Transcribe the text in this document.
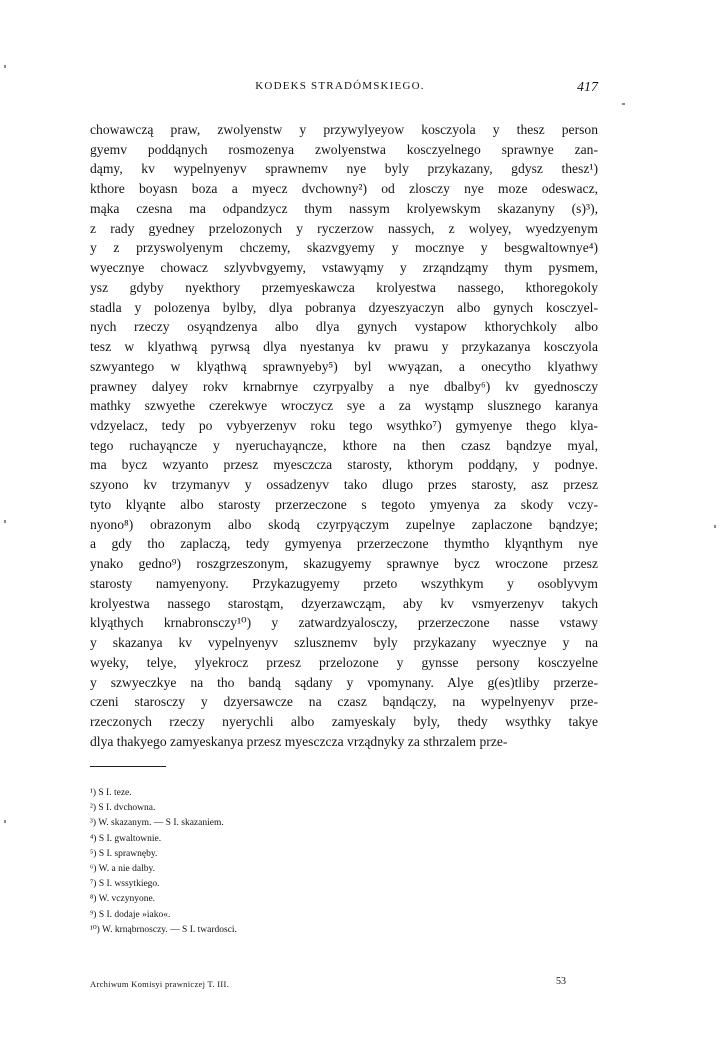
KODEKS STRADÓMSKIEGO.	417
chowawczą praw, zwolyenstw y przywylyeyow kosczyola y thesz person
gyemv poddąnych rosmozenya zwolyenstwa kosczyelnego sprawnye zan-
dąmy, kv wypelnyenyv sprawnemv nye byly przykazany, gdysz thesz¹)
kthore boyasn boza a myecz dvchowny²) od zlosczy nye moze odeswacz,
mąka czesna ma odpandzycz thym nassym krolyewskym skazanyny (s)³),
z rady gyedney przelozonych y ryczerzow nassych, z wolyey, wyedzyenym
y z przyswolyenym chczemy, skazvgyemy y mocznye y besgwaltownye⁴)
wyecznye chowacz szlyvbvgyemy, vstawyąmy y zrząndząmy thym pysmem,
ysz gdyby nyekthory przemyeskawcza krolyestwa nassego, kthoregokoly
stadla y polozenya bylby, dlya pobranya dzyeszyaczyn albo gynych kosczyel-
nych rzeczy osyąndzenya albo dlya gynych vystapow kthorychkoly albo
tesz w klyathwą pyrwsą dlya nyestanya kv prawu y przykazanya kosczyola
szwyantego w klyąthwą sprawnyeby⁵) byl wwyązan, a onecytho klyathwy
prawney dalyey rokv krnabrnye czyrpyalby a nye dbalby⁶) kv gyednosczy
mathky szwyethe czerekwye wroczycz sye a za wystąmp slusznego karanya
vdzyelacz, tedy po vybyerzenyv roku tego wsythko⁷) gymyenye thego klya-
tego ruchayąncze y nyeruchayąncze, kthore na then czasz bąndzye myal,
ma bycz wzyanto przesz myesczcza starosty, kthorym poddąny, y podnye.
szyono kv trzymanyv y ossadzenyv tako dlugo przes starosty, asz przesz
tyto klyąnte albo starosty przerzeczone s tegoto ymyenya za skody vczy-
nyono⁸) obrazonym albo skodą czyrpyączym zupelnye zaplaczone bąndzye;
a gdy tho zaplaczą, tedy gymyenya przerzeczone thymtho klyąnthym nye
ynako gedno⁹) roszgrzeszonym, skazugyemy sprawnye bycz wroczone przesz
starosty namyenyony. Przykazugyemy przeto wszythkym y osoblyvym
krolyestwa nassego starostąm, dzyerzawcząm, aby kv vsmyerzenyv takych
klyąthych krnabronsczy¹⁰) y zatwardzyalosczy, przerzeczone nasse vstawy
y skazanya kv vypelnyenyv szlusznemv byly przykazany wyecznye y na
wyeky, telye, ylyekrocz przesz przelozone y gynsse persony kosczyelne
y szwyeczkye na tho bandą sądany y vpomynany. Alye g(es)tliby przerze-
czeni starosczy y dzyersawcze na czasz bąndączy, na wypelnyenyv prze-
rzeczonych rzeczy nyerychli albo zamyeskaly byly, thedy wsythky takye
dlya thakyego zamyeskanya przesz myesczcza vrządnyky za sthrzalem prze-
¹) S I. teze.
²) S I. dvchowna.
³) W. skazanym. — S I. skazaniem.
⁴) S I. gwaltownie.
⁵) S I. sprawnęby.
⁶) W. a nie dalby.
⁷) S I. wssytkiego.
⁸) W. vczynyone.
⁹) S I. dodaje »iako«.
¹⁰) W. krnąbrnosczy. — S I. twardosci.
Archiwum Komisyi prawniczej T. III.	53
